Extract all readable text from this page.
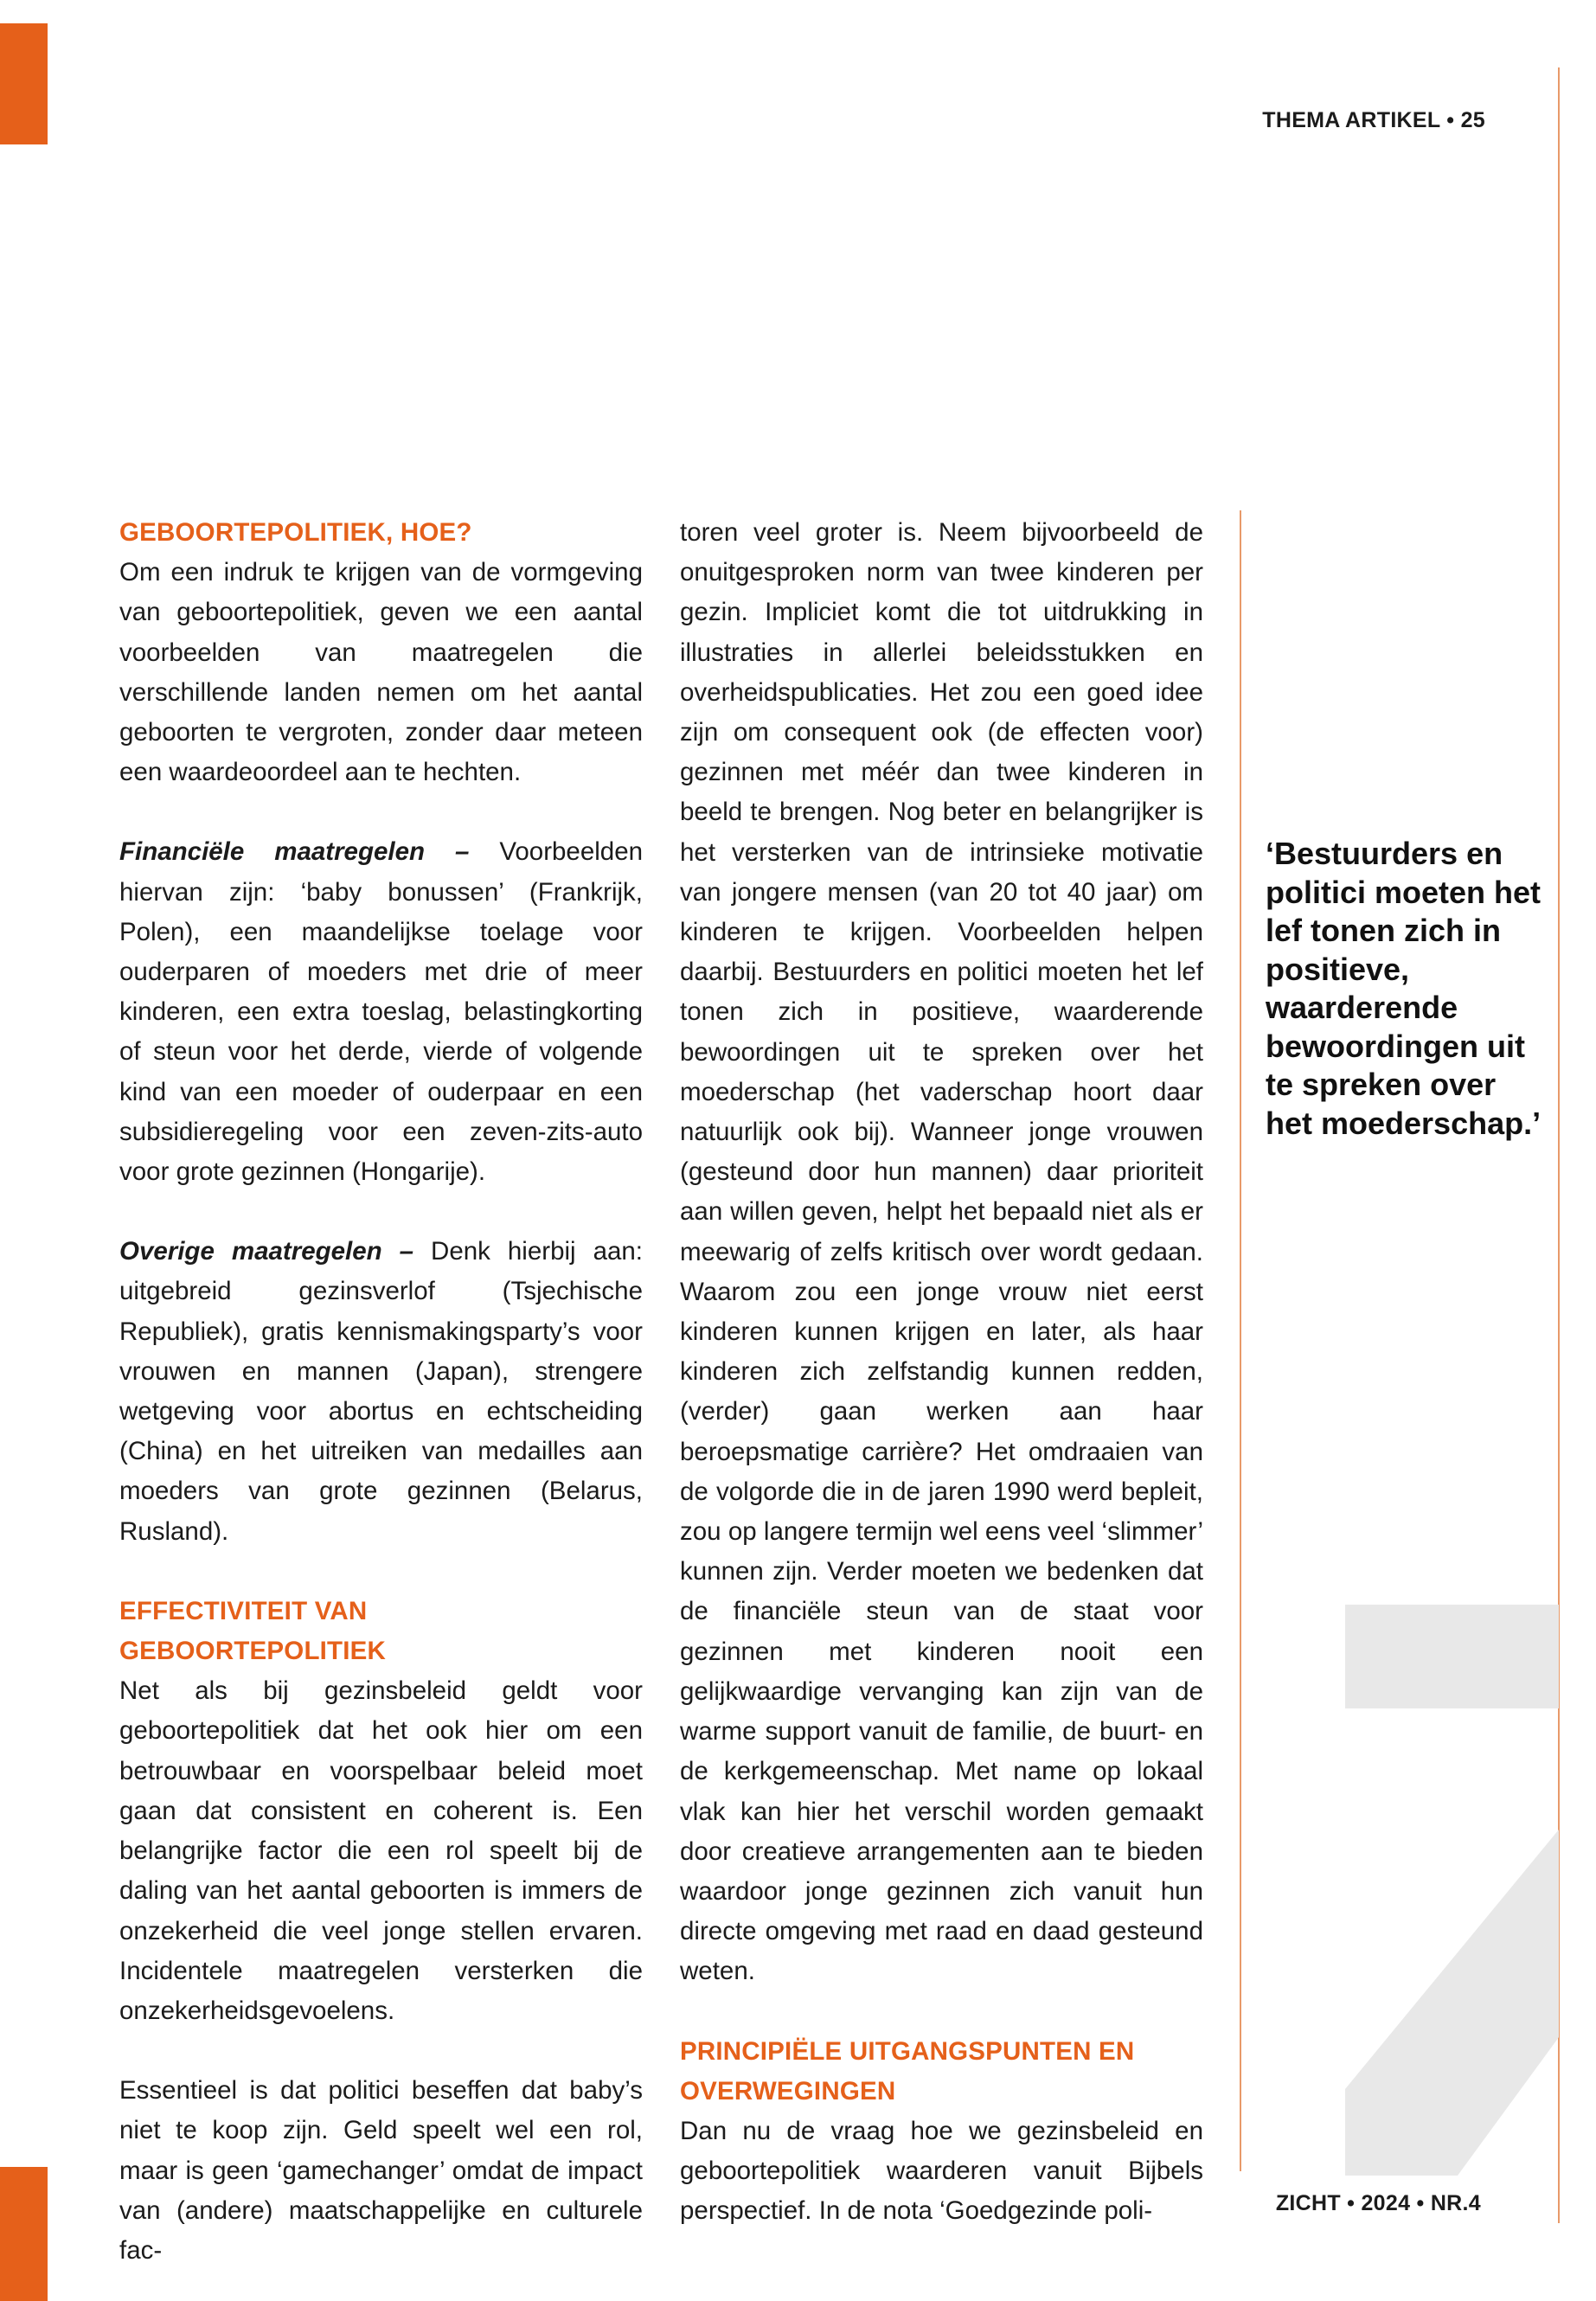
THEMA ARTIKEL • 25

GEBOORTEPOLITIEK, HOE?

Om een indruk te krijgen van de vormgeving van geboortepolitiek, geven we een aantal voorbeelden van maatregelen die verschillende landen nemen om het aantal geboorten te vergroten, zonder daar meteen een waardeoordeel aan te hechten.

Financiële maatregelen – Voorbeelden hiervan zijn: ‘baby bonussen’ (Frankrijk, Polen), een maandelijkse toelage voor ouderparen of moeders met drie of meer kinderen, een extra toeslag, belastingkorting of steun voor het derde, vierde of volgende kind van een moeder of ouderpaar en een subsidieregeling voor een zeven-zits-auto voor grote gezinnen (Hongarije).

Overige maatregelen – Denk hierbij aan: uitgebreid gezinsverlof (Tsjechische Republiek), gratis kennismakingsparty’s voor vrouwen en mannen (Japan), strengere wetgeving voor abortus en echtscheiding (China) en het uitreiken van medailles aan moeders van grote gezinnen (Belarus, Rusland).

EFFECTIVITEIT VAN
GEBOORTEPOLITIEK

Net als bij gezinsbeleid geldt voor geboortepolitiek dat het ook hier om een betrouwbaar en voorspelbaar beleid moet gaan dat consistent en coherent is. Een belangrijke factor die een rol speelt bij de daling van het aantal geboorten is immers de onzekerheid die veel jonge stellen ervaren. Incidentele maatregelen versterken die onzekerheidsgevoelens.

Essentieel is dat politici beseffen dat baby’s niet te koop zijn. Geld speelt wel een rol, maar is geen ‘gamechanger’ omdat de impact van (andere) maatschappelijke en culturele fac-

toren veel groter is. Neem bijvoorbeeld de onuitgesproken norm van twee kinderen per gezin. Impliciet komt die tot uitdrukking in illustraties in allerlei beleidsstukken en overheidspublicaties. Het zou een goed idee zijn om consequent ook (de effecten voor) gezinnen met méér dan twee kinderen in beeld te brengen. Nog beter en belangrijker is het versterken van de intrinsieke motivatie van jongere mensen (van 20 tot 40 jaar) om kinderen te krijgen. Voorbeelden helpen daarbij. Bestuurders en politici moeten het lef tonen zich in positieve, waarderende bewoordingen uit te spreken over het moederschap (het vaderschap hoort daar natuurlijk ook bij). Wanneer jonge vrouwen (gesteund door hun mannen) daar prioriteit aan willen geven, helpt het bepaald niet als er meewarig of zelfs kritisch over wordt gedaan. Waarom zou een jonge vrouw niet eerst kinderen kunnen krijgen en later, als haar kinderen zich zelfstandig kunnen redden, (verder) gaan werken aan haar beroepsmatige carrière? Het omdraaien van de volgorde die in de jaren 1990 werd bepleit, zou op langere termijn wel eens veel ‘slimmer’ kunnen zijn. Verder moeten we bedenken dat de financiële steun van de staat voor gezinnen met kinderen nooit een gelijkwaardige vervanging kan zijn van de warme support vanuit de familie, de buurt- en de kerkgemeenschap. Met name op lokaal vlak kan hier het verschil worden gemaakt door creatieve arrangementen aan te bieden waardoor jonge gezinnen zich vanuit hun directe omgeving met raad en daad gesteund weten.

PRINCIPIËLE UITGANGSPUNTEN EN
OVERWEGINGEN

Dan nu de vraag hoe we gezinsbeleid en geboortepolitiek waarderen vanuit Bijbels perspectief. In de nota ‘Goedgezinde poli-

‘Bestuurders en politici moeten het lef tonen zich in positieve, waarderende bewoordingen uit te spreken over het moederschap.’
ZICHT • 2024 • NR.4
